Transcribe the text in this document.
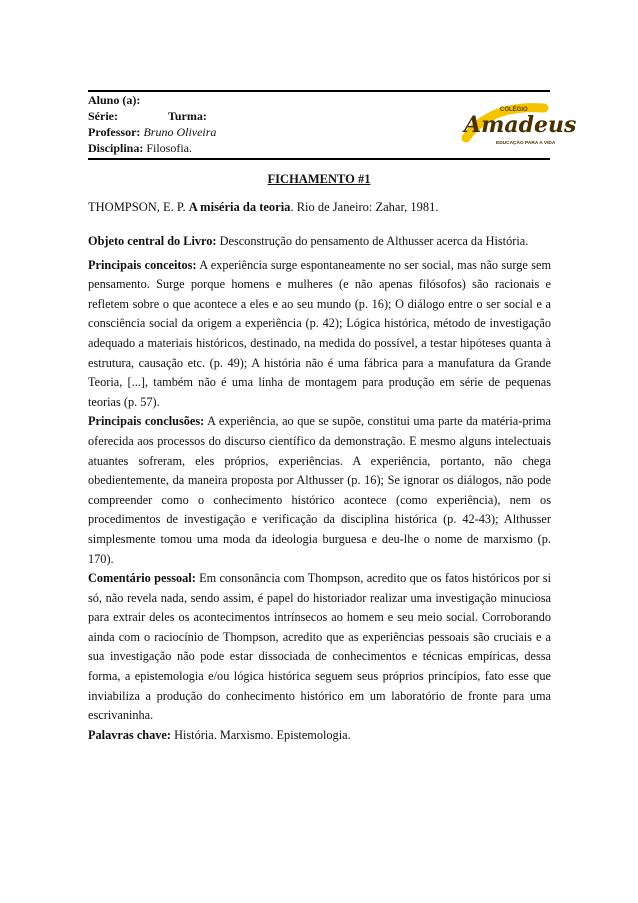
Aluno (a):
Série:	Turma:
Professor: Bruno Oliveira
Disciplina: Filosofia.
COLÉGIO
Amadeus
EDUCAÇÃO PARA A VIDA
FICHAMENTO #1
THOMPSON, E. P. A miséria da teoria. Rio de Janeiro: Zahar, 1981.

Objeto central do Livro: Desconstrução do pensamento de Althusser acerca da História.

Principais conceitos: A experiência surge espontaneamente no ser social, mas não surge sem pensamento. Surge porque homens e mulheres (e não apenas filósofos) são racionais e refletem sobre o que acontece a eles e ao seu mundo (p. 16); O diálogo entre o ser social e a consciência social da origem a experiência (p. 42); Lógica histórica, método de investigação adequado a materiais históricos, destinado, na medida do possível, a testar hipóteses quanta à estrutura, causação etc. (p. 49); A história não é uma fábrica para a manufatura da Grande Teoria, [...], também não é uma linha de montagem para produção em série de pequenas teorias (p. 57).

Principais conclusões: A experiência, ao que se supõe, constitui uma parte da matéria-prima oferecida aos processos do discurso científico da demonstração. E mesmo alguns intelectuais atuantes sofreram, eles próprios, experiências. A experiência, portanto, não chega obedientemente, da maneira proposta por Althusser (p. 16); Se ignorar os diálogos, não pode compreender como o conhecimento histórico acontece (como experiência), nem os procedimentos de investigação e verificação da disciplina histórica (p. 42-43); Althusser simplesmente tomou uma moda da ideologia burguesa e deu-lhe o nome de marxismo (p. 170).

Comentário pessoal: Em consonância com Thompson, acredito que os fatos históricos por si só, não revela nada, sendo assim, é papel do historiador realizar uma investigação minuciosa para extrair deles os acontecimentos intrínsecos ao homem e seu meio social. Corroborando ainda com o raciocínio de Thompson, acredito que as experiências pessoais são cruciais e a sua investigação não pode estar dissociada de conhecimentos e técnicas empíricas, dessa forma, a epistemologia e/ou lógica histórica seguem seus próprios princípios, fato esse que inviabiliza a produção do conhecimento histórico em um laboratório de fronte para uma escrivaninha.

Palavras chave: História. Marxismo. Epistemologia.
